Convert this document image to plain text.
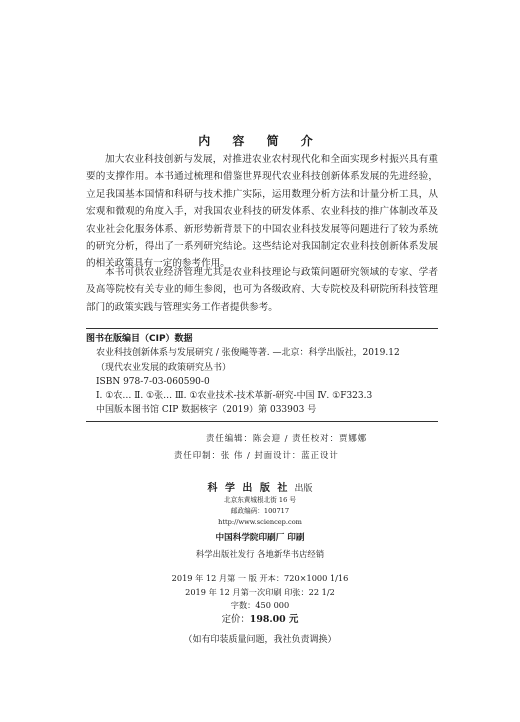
内 容 简 介

加大农业科技创新与发展，对推进农业农村现代化和全面实现乡村振兴具有重要的支撑作用。本书通过梳理和借鉴世界现代农业科技创新体系发展的先进经验，立足我国基本国情和科研与技术推广实际，运用数理分析方法和计量分析工具，从宏观和微观的角度入手，对我国农业科技的研发体系、农业科技的推广体制改革及农业社会化服务体系、新形势新背景下的中国农业科技发展等问题进行了较为系统的研究分析，得出了一系列研究结论。这些结论对我国制定农业科技创新体系发展的相关政策具有一定的参考作用。

本书可供农业经济管理尤其是农业科技理论与政策问题研究领域的专家、学者及高等院校有关专业的师生参阅，也可为各级政府、大专院校及科研院所科技管理部门的政策实践与管理实务工作者提供参考。

图书在版编目（CIP）数据
农业科技创新体系与发展研究 / 张俊飚等著. —北京：科学出版社，2019.12
（现代农业发展的政策研究丛书）
ISBN 978-7-03-060590-0
Ⅰ. ①农… Ⅱ. ①张… Ⅲ. ①农业技术-技术革新-研究-中国 Ⅳ. ①F323.3
中国版本图书馆 CIP 数据核字（2019）第 033903 号
责任编辑：陈会迎 / 责任校对：贾娜娜
责任印制：张 伟 / 封面设计：蓝正设计
科 学 出 版 社 出版
北京东黄城根北街 16 号
邮政编码：100717
http://www.sciencep.com
中国科学院印刷厂 印刷
科学出版社发行 各地新华书店经销
2019 年 12 月第 一 版 开本：720×1000 1/16
2019 年 12 月第一次印刷 印张：22 1/2
字数：450 000
定价：198.00 元
（如有印装质量问题，我社负责调换）
